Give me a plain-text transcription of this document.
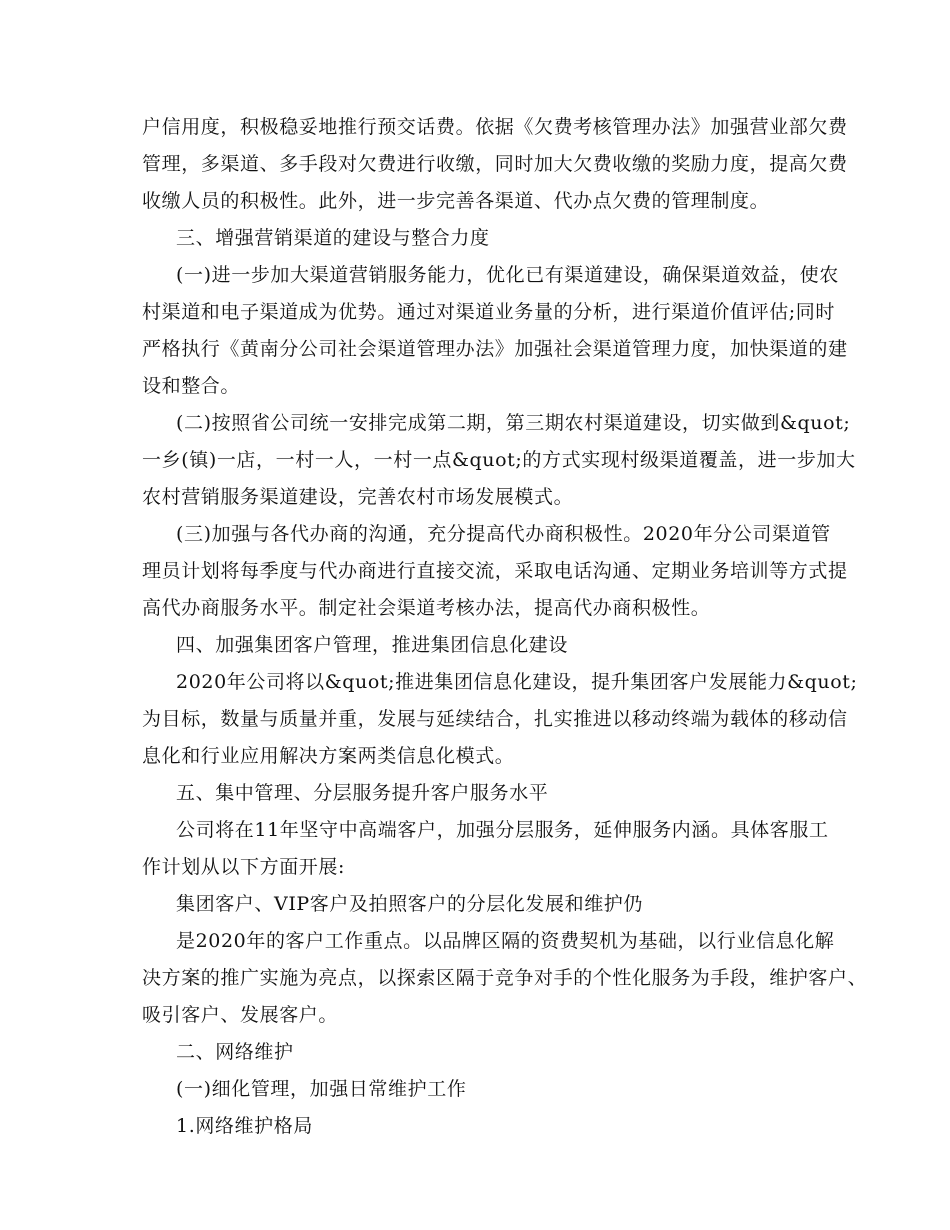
户信用度，积极稳妥地推行预交话费。依据《欠费考核管理办法》加强营业部欠费
管理，多渠道、多手段对欠费进行收缴，同时加大欠费收缴的奖励力度，提高欠费
收缴人员的积极性。此外，进一步完善各渠道、代办点欠费的管理制度。
三、增强营销渠道的建设与整合力度
(一)进一步加大渠道营销服务能力，优化已有渠道建设，确保渠道效益，使农
村渠道和电子渠道成为优势。通过对渠道业务量的分析，进行渠道价值评估;同时
严格执行《黄南分公司社会渠道管理办法》加强社会渠道管理力度，加快渠道的建
设和整合。
(二)按照省公司统一安排完成第二期，第三期农村渠道建设，切实做到&quot;
一乡(镇)一店，一村一人，一村一点&quot;的方式实现村级渠道覆盖，进一步加大
农村营销服务渠道建设，完善农村市场发展模式。
(三)加强与各代办商的沟通，充分提高代办商积极性。2020年分公司渠道管
理员计划将每季度与代办商进行直接交流，采取电话沟通、定期业务培训等方式提
高代办商服务水平。制定社会渠道考核办法，提高代办商积极性。
四、加强集团客户管理，推进集团信息化建设
2020年公司将以&quot;推进集团信息化建设，提升集团客户发展能力&quot;
为目标，数量与质量并重，发展与延续结合，扎实推进以移动终端为载体的移动信
息化和行业应用解决方案两类信息化模式。
五、集中管理、分层服务提升客户服务水平
公司将在11年坚守中高端客户，加强分层服务，延伸服务内涵。具体客服工
作计划从以下方面开展:
集团客户、VIP客户及拍照客户的分层化发展和维护仍
是2020年的客户工作重点。以品牌区隔的资费契机为基础，以行业信息化解
决方案的推广实施为亮点，以探索区隔于竞争对手的个性化服务为手段，维护客户、
吸引客户、发展客户。
二、网络维护
(一)细化管理，加强日常维护工作
1.网络维护格局
